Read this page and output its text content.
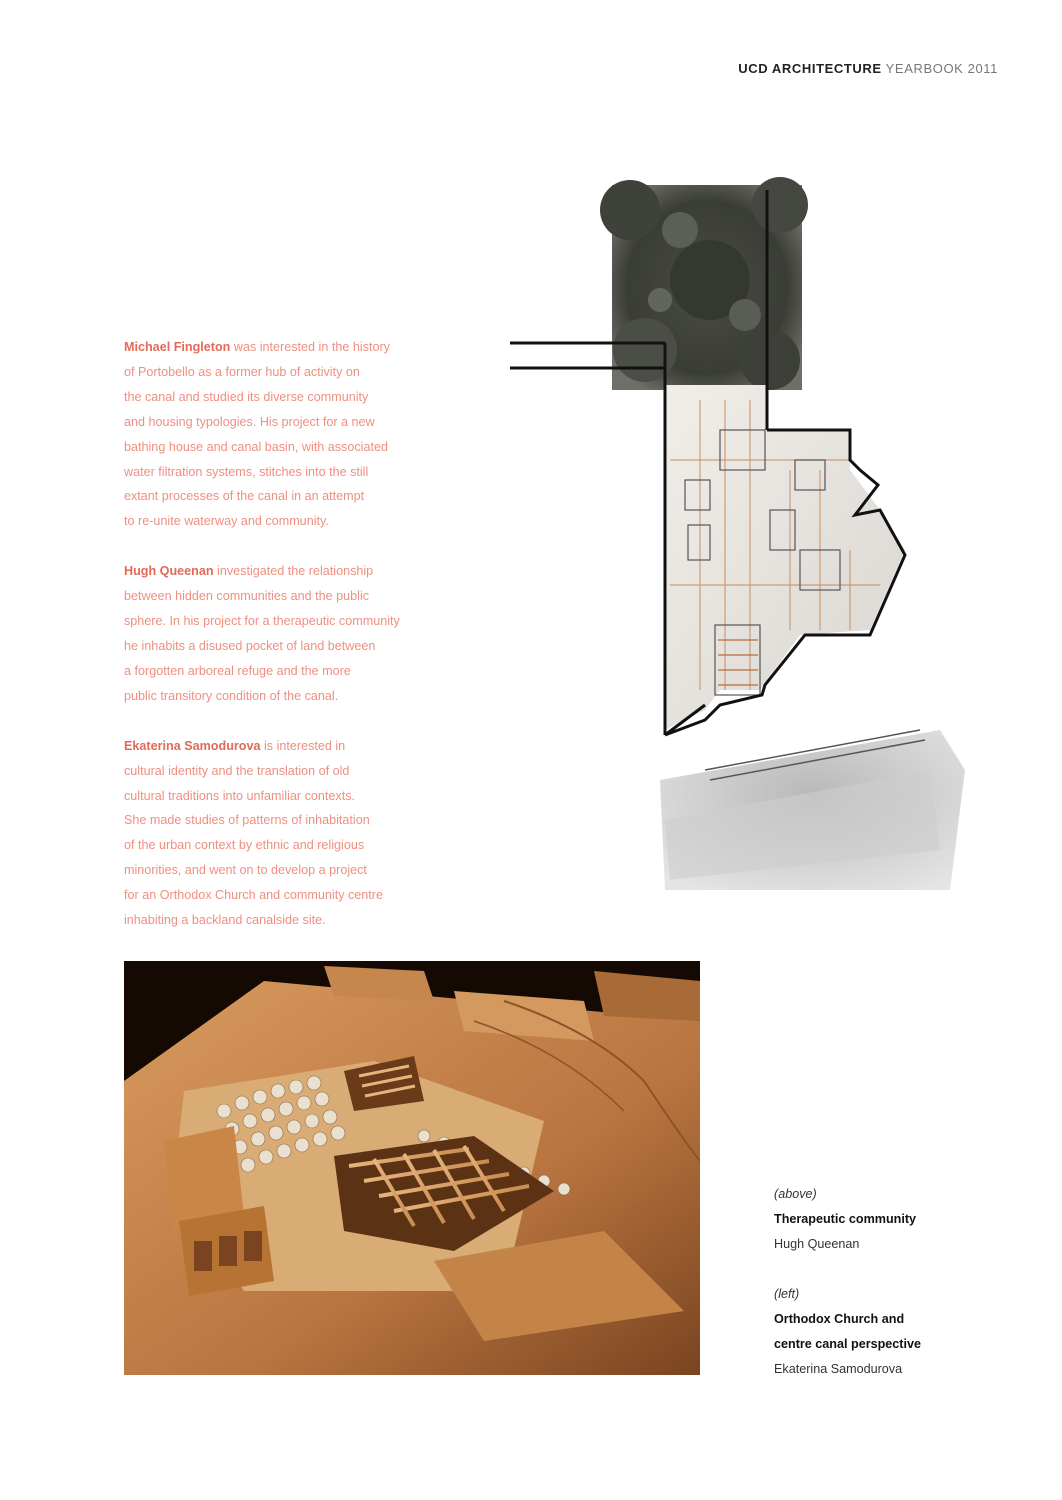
UCD ARCHITECTURE YEARBOOK 2011
Michael Fingleton was interested in the history
of Portobello as a former hub of activity on
the canal and studied its diverse community
and housing typologies. His project for a new
bathing house and canal basin, with associated
water filtration systems, stitches into the still
extant processes of the canal in an attempt
to re-unite waterway and community.
Hugh Queenan investigated the relationship
between hidden communities and the public
sphere. In his project for a therapeutic community
he inhabits a disused pocket of land between
a forgotten arboreal refuge and the more
public transitory condition of the canal.
Ekaterina Samodurova is interested in
cultural identity and the translation of old
cultural traditions into unfamiliar contexts.
She made studies of patterns of inhabitation
of the urban context by ethnic and religious
minorities, and went on to develop a project
for an Orthodox Church and community centre
inhabiting a backland canalside site.
(above)
Therapeutic community
Hugh Queenan
(left)
Orthodox Church and
centre canal perspective
Ekaterina Samodurova
